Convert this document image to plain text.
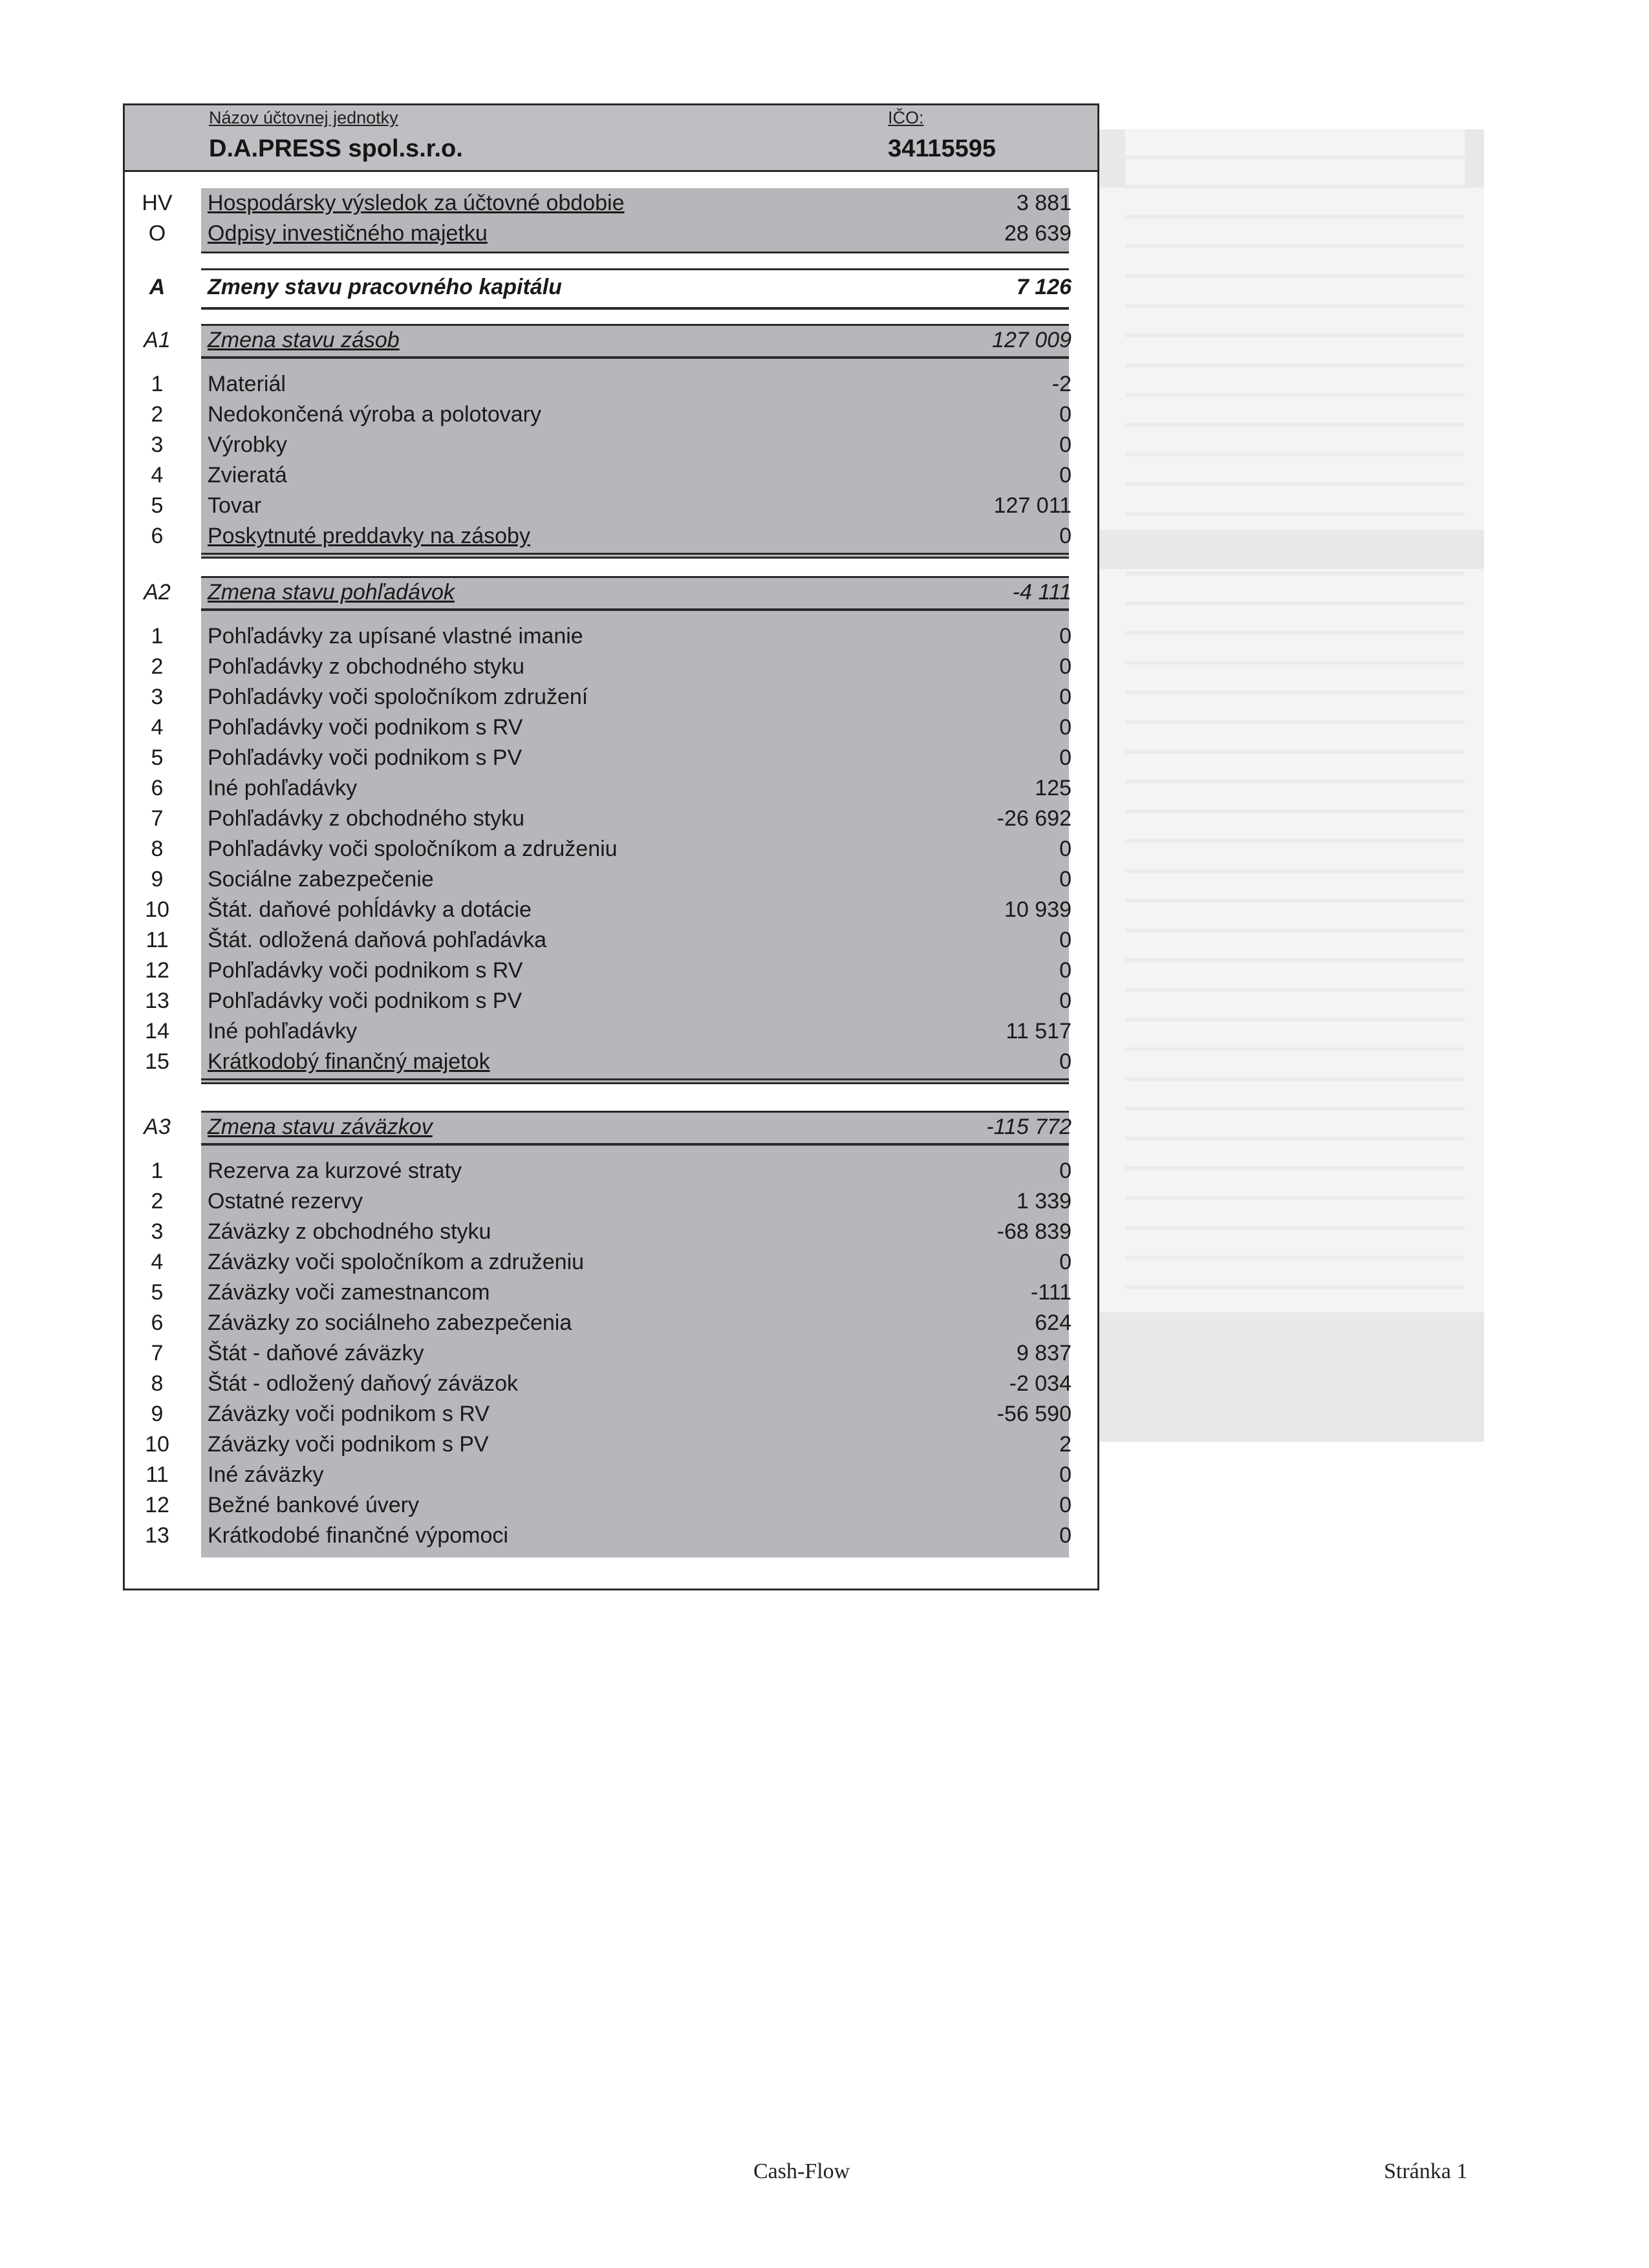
Názov účtovnej jednotky
D.A.PRESS spol.s.r.o.
IČO:
34115595
HV	Hospodársky výsledok za účtovné obdobie	3 881
O	Odpisy investičného majetku	28 639
A	Zmeny stavu pracovného kapitálu	7 126
A1	Zmena stavu zásob	127 009
1	Materiál	-2
2	Nedokončená výroba a polotovary	0
3	Výrobky	0
4	Zvieratá	0
5	Tovar	127 011
6	Poskytnuté preddavky na zásoby	0
A2	Zmena stavu pohľadávok	-4 111
1	Pohľadávky za upísané vlastné imanie	0
2	Pohľadávky z obchodného styku	0
3	Pohľadávky voči spoločníkom združení	0
4	Pohľadávky voči podnikom s RV	0
5	Pohľadávky voči podnikom s PV	0
6	Iné pohľadávky	125
7	Pohľadávky z obchodného styku	-26 692
8	Pohľadávky voči spoločníkom a združeniu	0
9	Sociálne zabezpečenie	0
10	Štát. daňové pohĺdávky a dotácie	10 939
11	Štát. odložená daňová pohľadávka	0
12	Pohľadávky voči podnikom s RV	0
13	Pohľadávky voči podnikom s PV	0
14	Iné pohľadávky	11 517
15	Krátkodobý finančný majetok	0
A3	Zmena stavu záväzkov	-115 772
1	Rezerva za kurzové straty	0
2	Ostatné rezervy	1 339
3	Záväzky z obchodného styku	-68 839
4	Záväzky voči spoločníkom a združeniu	0
5	Záväzky voči zamestnancom	-111
6	Záväzky zo sociálneho zabezpečenia	624
7	Štát - daňové záväzky	9 837
8	Štát - odložený daňový záväzok	-2 034
9	Záväzky voči podnikom s RV	-56 590
10	Záväzky voči podnikom s PV	2
11	Iné záväzky	0
12	Bežné bankové úvery	0
13	Krátkodobé finančné výpomoci	0
Cash-Flow	Stránka 1
